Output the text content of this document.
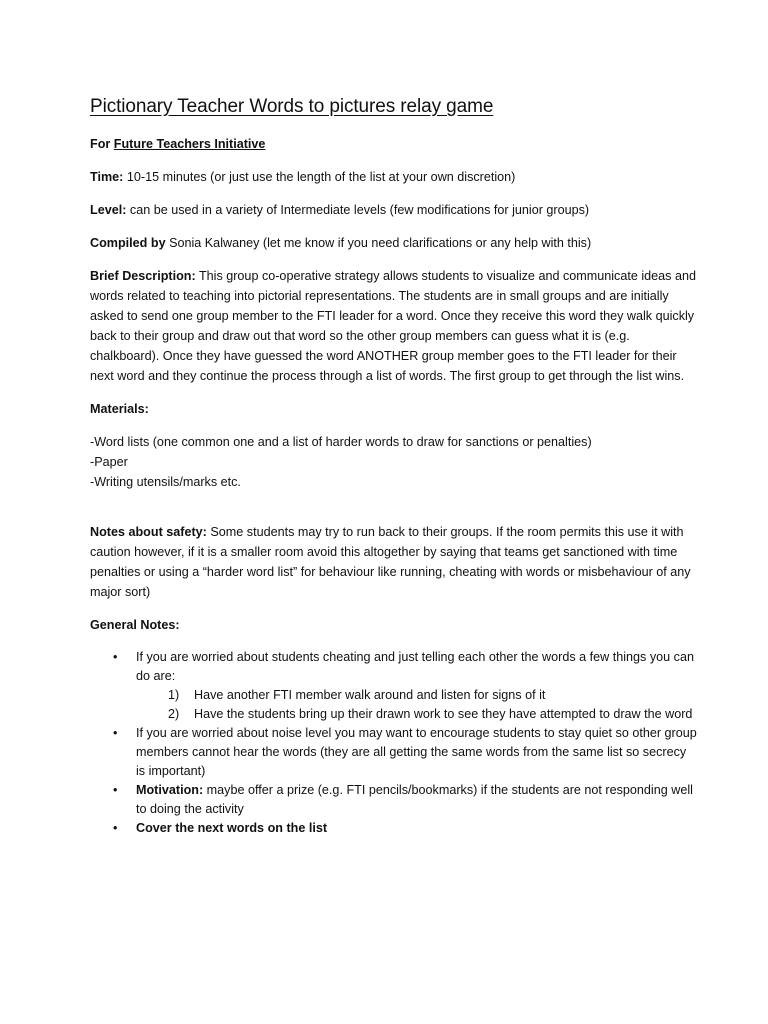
Pictionary Teacher Words to pictures relay game

For Future Teachers Initiative

Time: 10-15 minutes (or just use the length of the list at your own discretion)

Level: can be used in a variety of Intermediate levels (few modifications for junior groups)

Compiled by Sonia Kalwaney (let me know if you need clarifications or any help with this)

Brief Description: This group co-operative strategy allows students to visualize and communicate ideas and words related to teaching into pictorial representations. The students are in small groups and are initially asked to send one group member to the FTI leader for a word. Once they receive this word they walk quickly back to their group and draw out that word so the other group members can guess what it is (e.g. chalkboard). Once they have guessed the word ANOTHER group member goes to the FTI leader for their next word and they continue the process through a list of words. The first group to get through the list wins.

Materials:

-Word lists (one common one and a list of harder words to draw for sanctions or penalties)

-Paper

-Writing utensils/marks etc.

Notes about safety: Some students may try to run back to their groups. If the room permits this use it with caution however, if it is a smaller room avoid this altogether by saying that teams get sanctioned with time penalties or using a “harder word list” for behaviour like running, cheating with words or misbehaviour of any major sort)

General Notes:

• If you are worried about students cheating and just telling each other the words a few things you can do are:
1) Have another FTI member walk around and listen for signs of it
2) Have the students bring up their drawn work to see they have attempted to draw the word
• If you are worried about noise level you may want to encourage students to stay quiet so other group members cannot hear the words (they are all getting the same words from the same list so secrecy is important)
• Motivation: maybe offer a prize (e.g. FTI pencils/bookmarks) if the students are not responding well to doing the activity
• Cover the next words on the list
